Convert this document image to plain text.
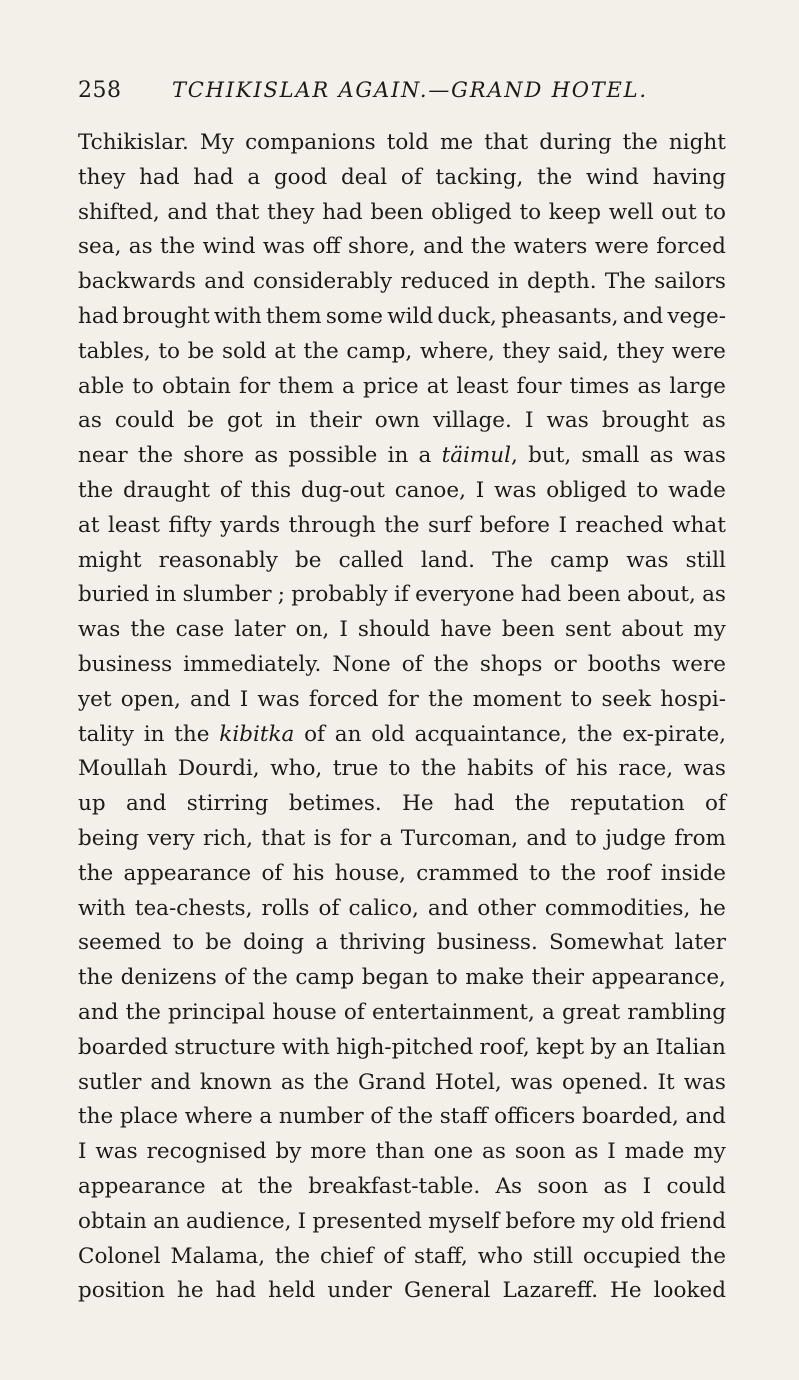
258 TCHIKISLAR AGAIN.—GRAND HOTEL.
Tchikislar. My companions told me that during the night
they had had a good deal of tacking, the wind having
shifted, and that they had been obliged to keep well out to
sea, as the wind was off shore, and the waters were forced
backwards and considerably reduced in depth. The sailors
had brought with them some wild duck, pheasants, and vege-
tables, to be sold at the camp, where, they said, they were
able to obtain for them a price at least four times as large
as could be got in their own village. I was brought as
near the shore as possible in a täimul, but, small as was
the draught of this dug-out canoe, I was obliged to wade
at least fifty yards through the surf before I reached what
might reasonably be called land. The camp was still
buried in slumber ; probably if everyone had been about, as
was the case later on, I should have been sent about my
business immediately. None of the shops or booths were
yet open, and I was forced for the moment to seek hospi-
tality in the kibitka of an old acquaintance, the ex-pirate,
Moullah Dourdi, who, true to the habits of his race, was
up and stirring betimes. He had the reputation of
being very rich, that is for a Turcoman, and to judge from
the appearance of his house, crammed to the roof inside
with tea-chests, rolls of calico, and other commodities, he
seemed to be doing a thriving business. Somewhat later
the denizens of the camp began to make their appearance,
and the principal house of entertainment, a great rambling
boarded structure with high-pitched roof, kept by an Italian
sutler and known as the Grand Hotel, was opened. It was
the place where a number of the staff officers boarded, and
I was recognised by more than one as soon as I made my
appearance at the breakfast-table. As soon as I could
obtain an audience, I presented myself before my old friend
Colonel Malama, the chief of staff, who still occupied the
position he had held under General Lazareff. He looked
